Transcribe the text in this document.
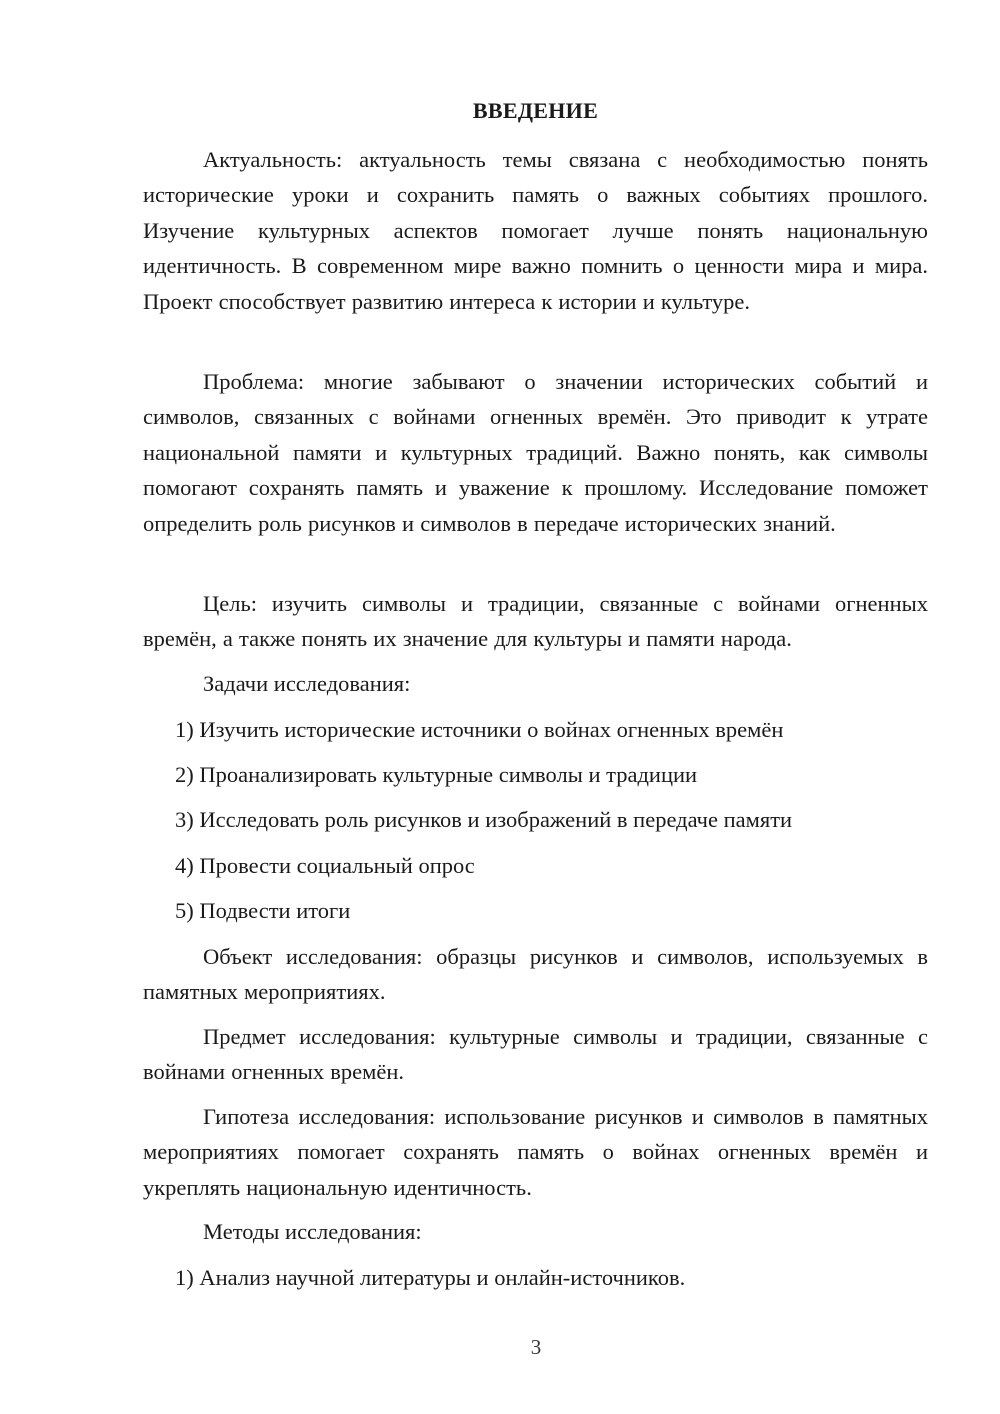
ВВЕДЕНИЕ

Актуальность: актуальность темы связана с необходимостью понять исторические уроки и сохранить память о важных событиях прошлого. Изучение культурных аспектов помогает лучше понять национальную идентичность. В современном мире важно помнить о ценности мира и мира. Проект способствует развитию интереса к истории и культуре.

Проблема: многие забывают о значении исторических событий и символов, связанных с войнами огненных времён. Это приводит к утрате национальной памяти и культурных традиций. Важно понять, как символы помогают сохранять память и уважение к прошлому. Исследование поможет определить роль рисунков и символов в передаче исторических знаний.

Цель: изучить символы и традиции, связанные с войнами огненных времён, а также понять их значение для культуры и памяти народа.

Задачи исследования:

1) Изучить исторические источники о войнах огненных времён

2) Проанализировать культурные символы и традиции

3) Исследовать роль рисунков и изображений в передаче памяти

4) Провести социальный опрос

5) Подвести итоги

Объект исследования: образцы рисунков и символов, используемых в памятных мероприятиях.

Предмет исследования: культурные символы и традиции, связанные с войнами огненных времён.

Гипотеза исследования: использование рисунков и символов в памятных мероприятиях помогает сохранять память о войнах огненных времён и укреплять национальную идентичность.

Методы исследования:

1) Анализ научной литературы и онлайн-источников.

3
